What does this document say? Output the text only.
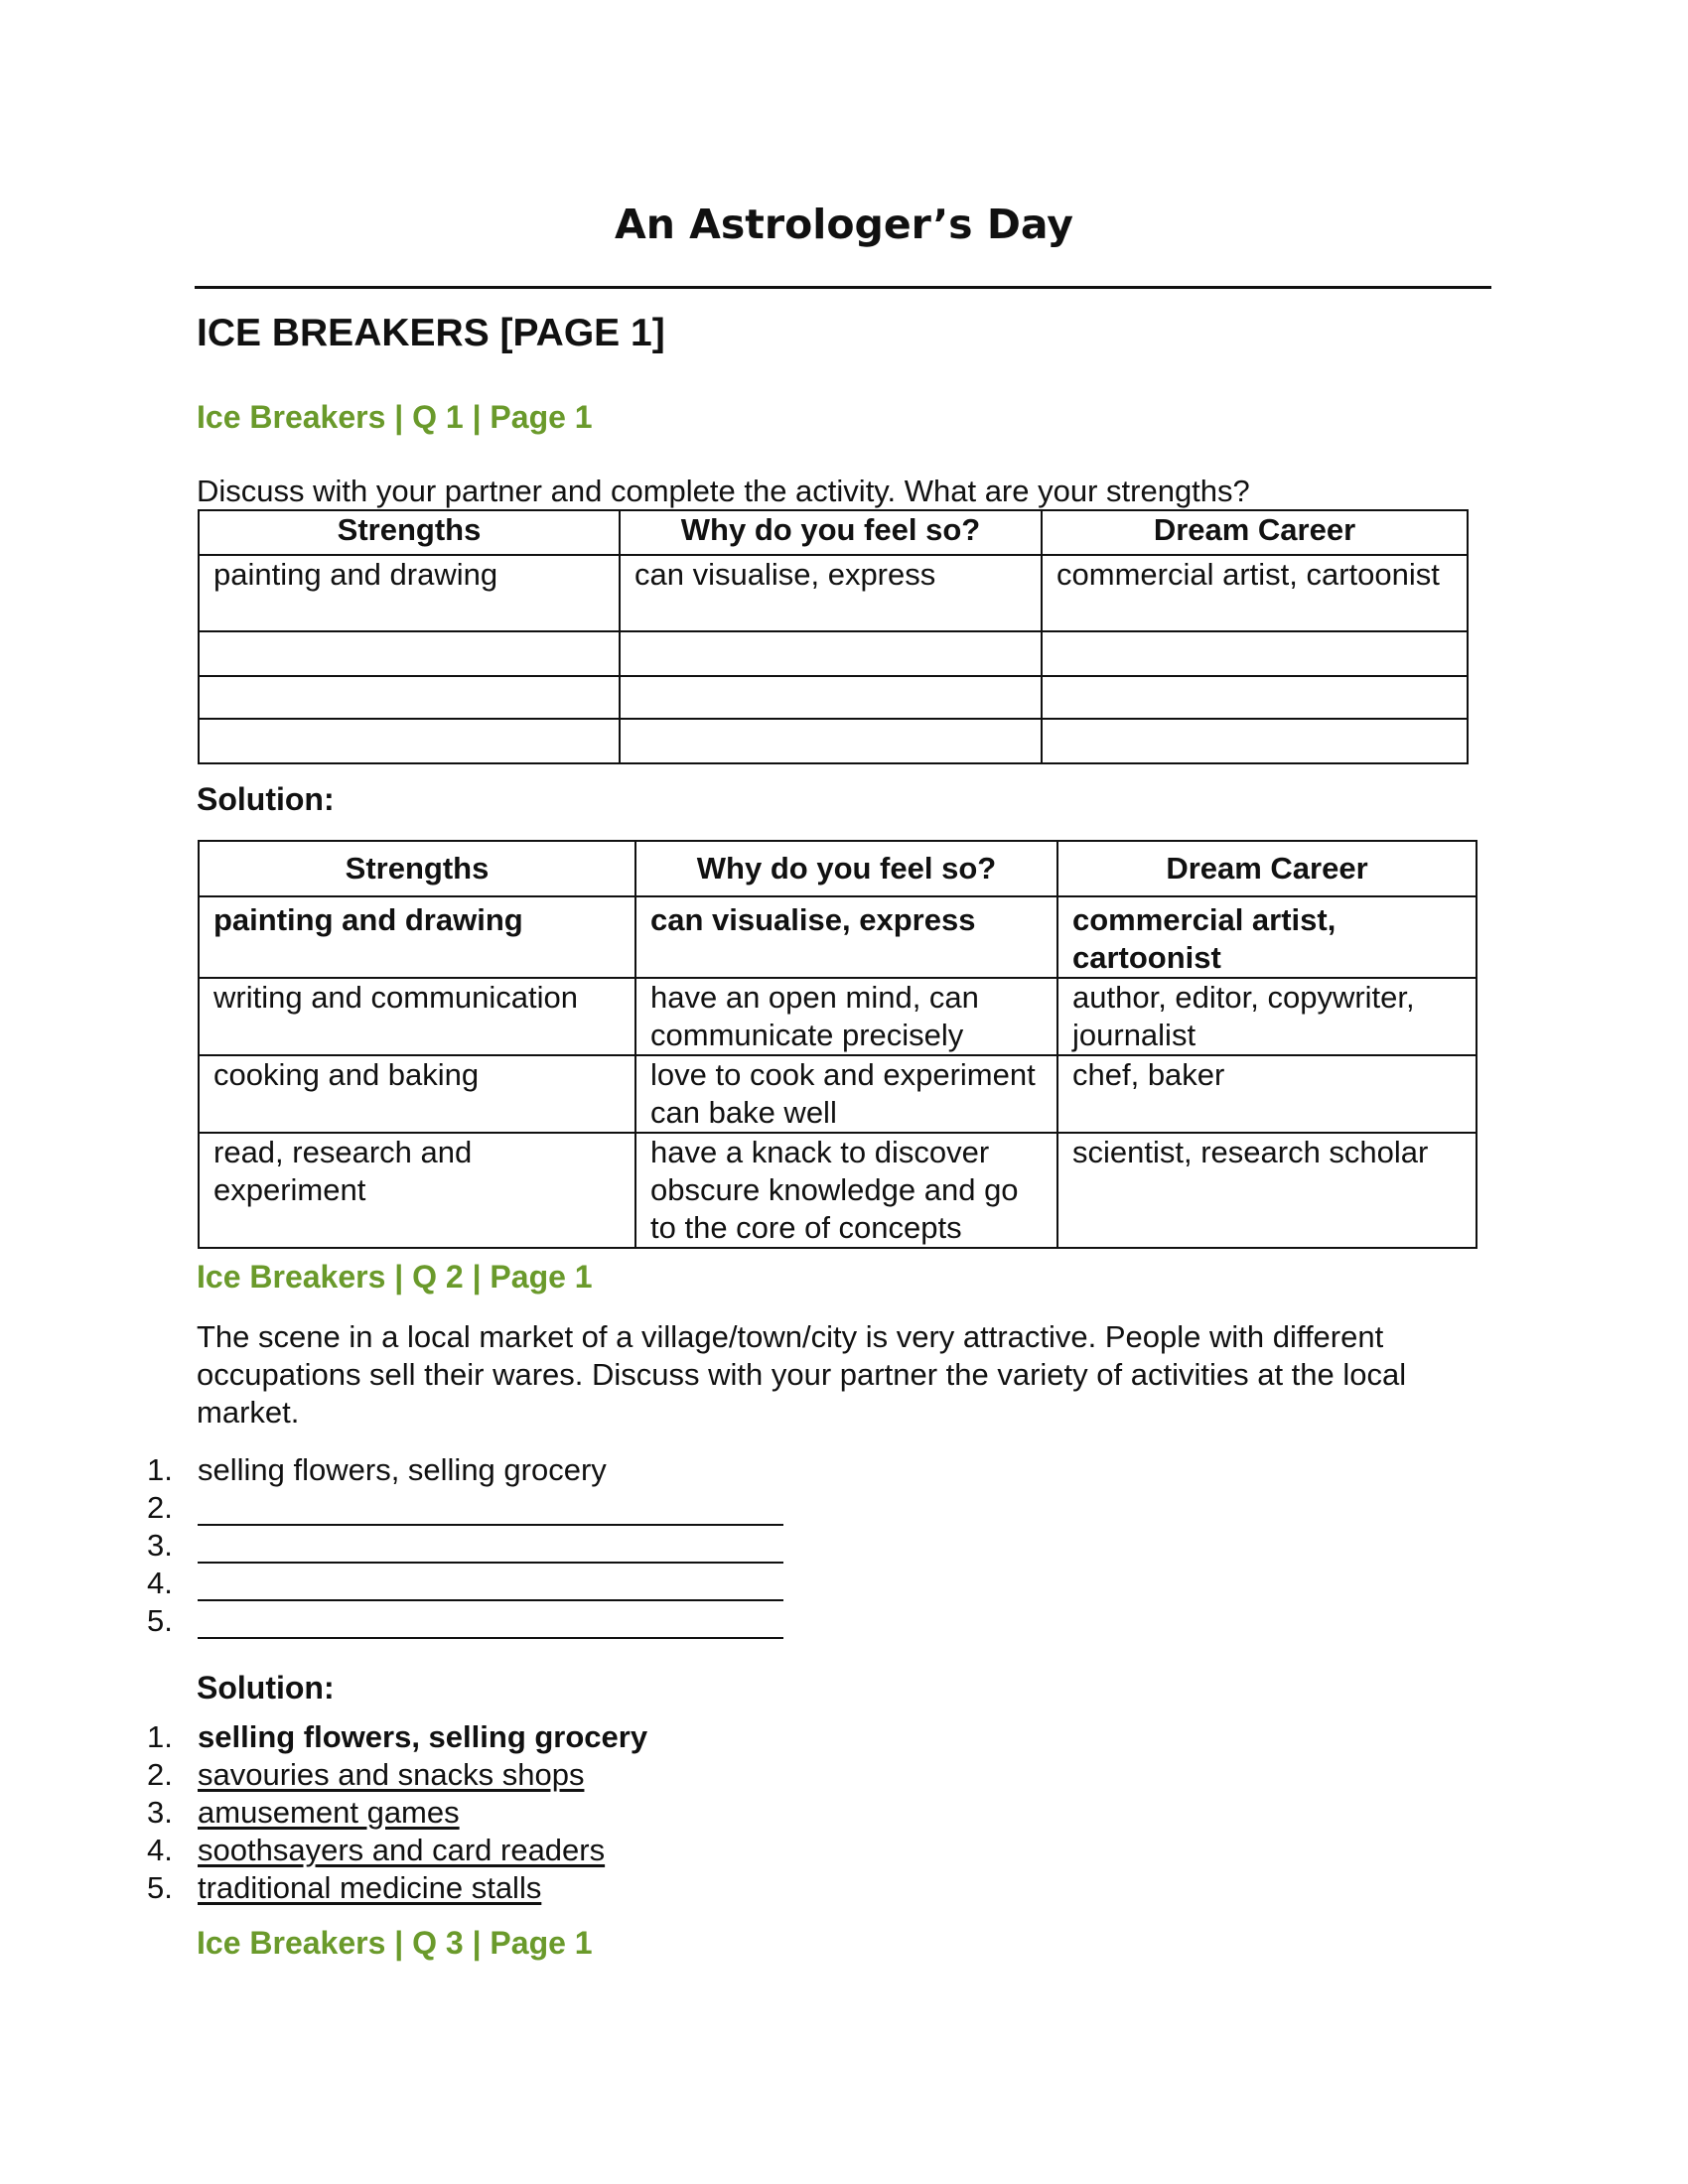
An Astrologer’s Day
ICE BREAKERS [PAGE 1]
Ice Breakers | Q 1 | Page 1

Discuss with your partner and complete the activity. What are your strengths?

Strengths	Why do you feel so?	Dream Career
painting and drawing	can visualise, express	commercial artist, cartoonist

Solution:

Strengths	Why do you feel so?	Dream Career
painting and drawing	can visualise, express	commercial artist, cartoonist
writing and communication	have an open mind, can communicate precisely	author, editor, copywriter, journalist
cooking and baking	love to cook and experiment can bake well	chef, baker
read, research and experiment	have a knack to discover obscure knowledge and go to the core of concepts	scientist, research scholar
Ice Breakers | Q 2 | Page 1

The scene in a local market of a village/town/city is very attractive. People with different occupations sell their wares. Discuss with your partner the variety of activities at the local market.

1. selling flowers, selling grocery
2.
3.
4.
5.

Solution:

1. selling flowers, selling grocery
2. savouries and snacks shops
3. amusement games
4. soothsayers and card readers
5. traditional medicine stalls
Ice Breakers | Q 3 | Page 1
